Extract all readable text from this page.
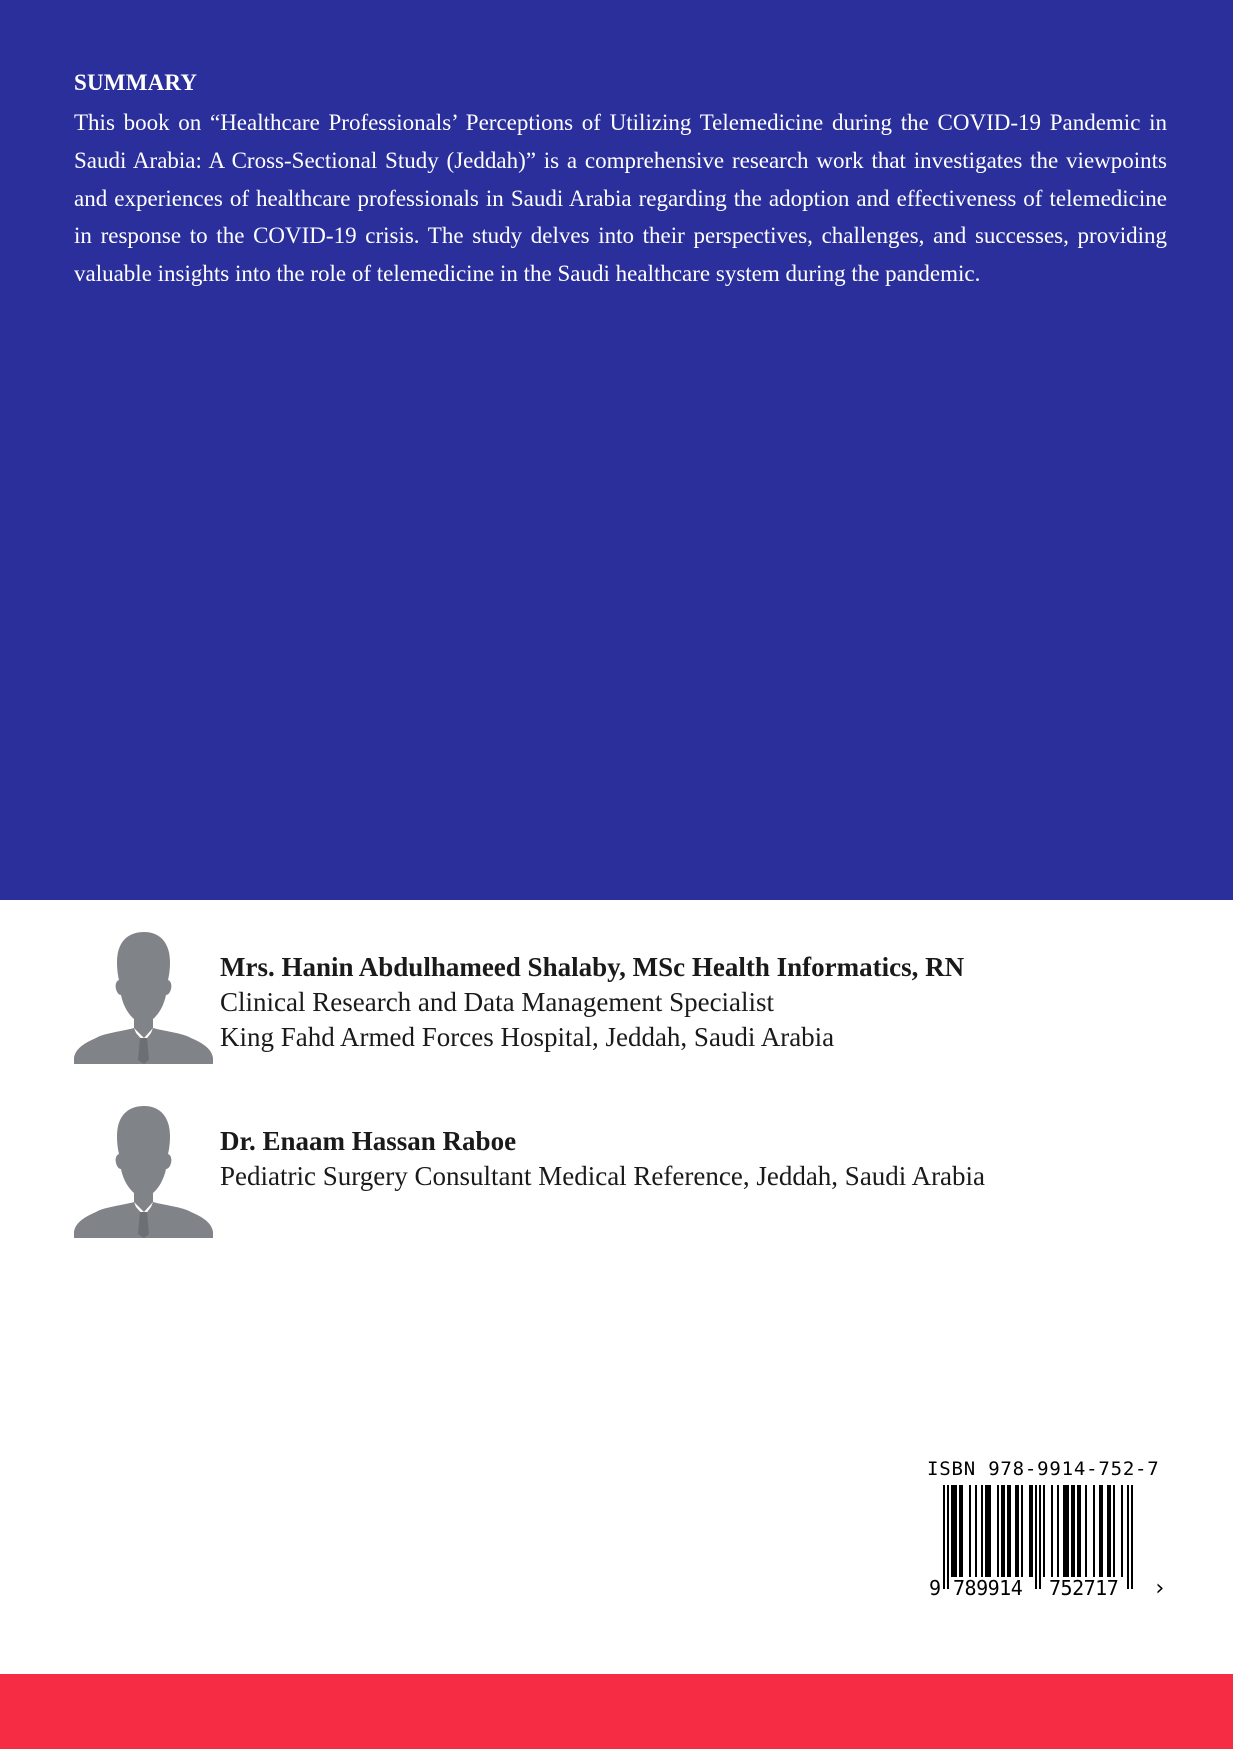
SUMMARY
This book on “Healthcare Professionals’ Perceptions of Utilizing Telemedicine during the COVID-19 Pandemic in Saudi Arabia: A Cross-Sectional Study (Jeddah)” is a comprehensive research work that investigates the viewpoints and experiences of healthcare professionals in Saudi Arabia regarding the adoption and effectiveness of telemedicine in response to the COVID-19 crisis. The study delves into their perspectives, challenges, and successes, providing valuable insights into the role of telemedicine in the Saudi healthcare system during the pandemic.
Mrs. Hanin Abdulhameed Shalaby, MSc Health Informatics, RN
Clinical Research and Data Management Specialist
King Fahd Armed Forces Hospital, Jeddah, Saudi Arabia
Dr. Enaam Hassan Raboe
Pediatric Surgery Consultant Medical Reference, Jeddah, Saudi Arabia
ISBN 978-9914-752-7
9 789914 752717 ›
